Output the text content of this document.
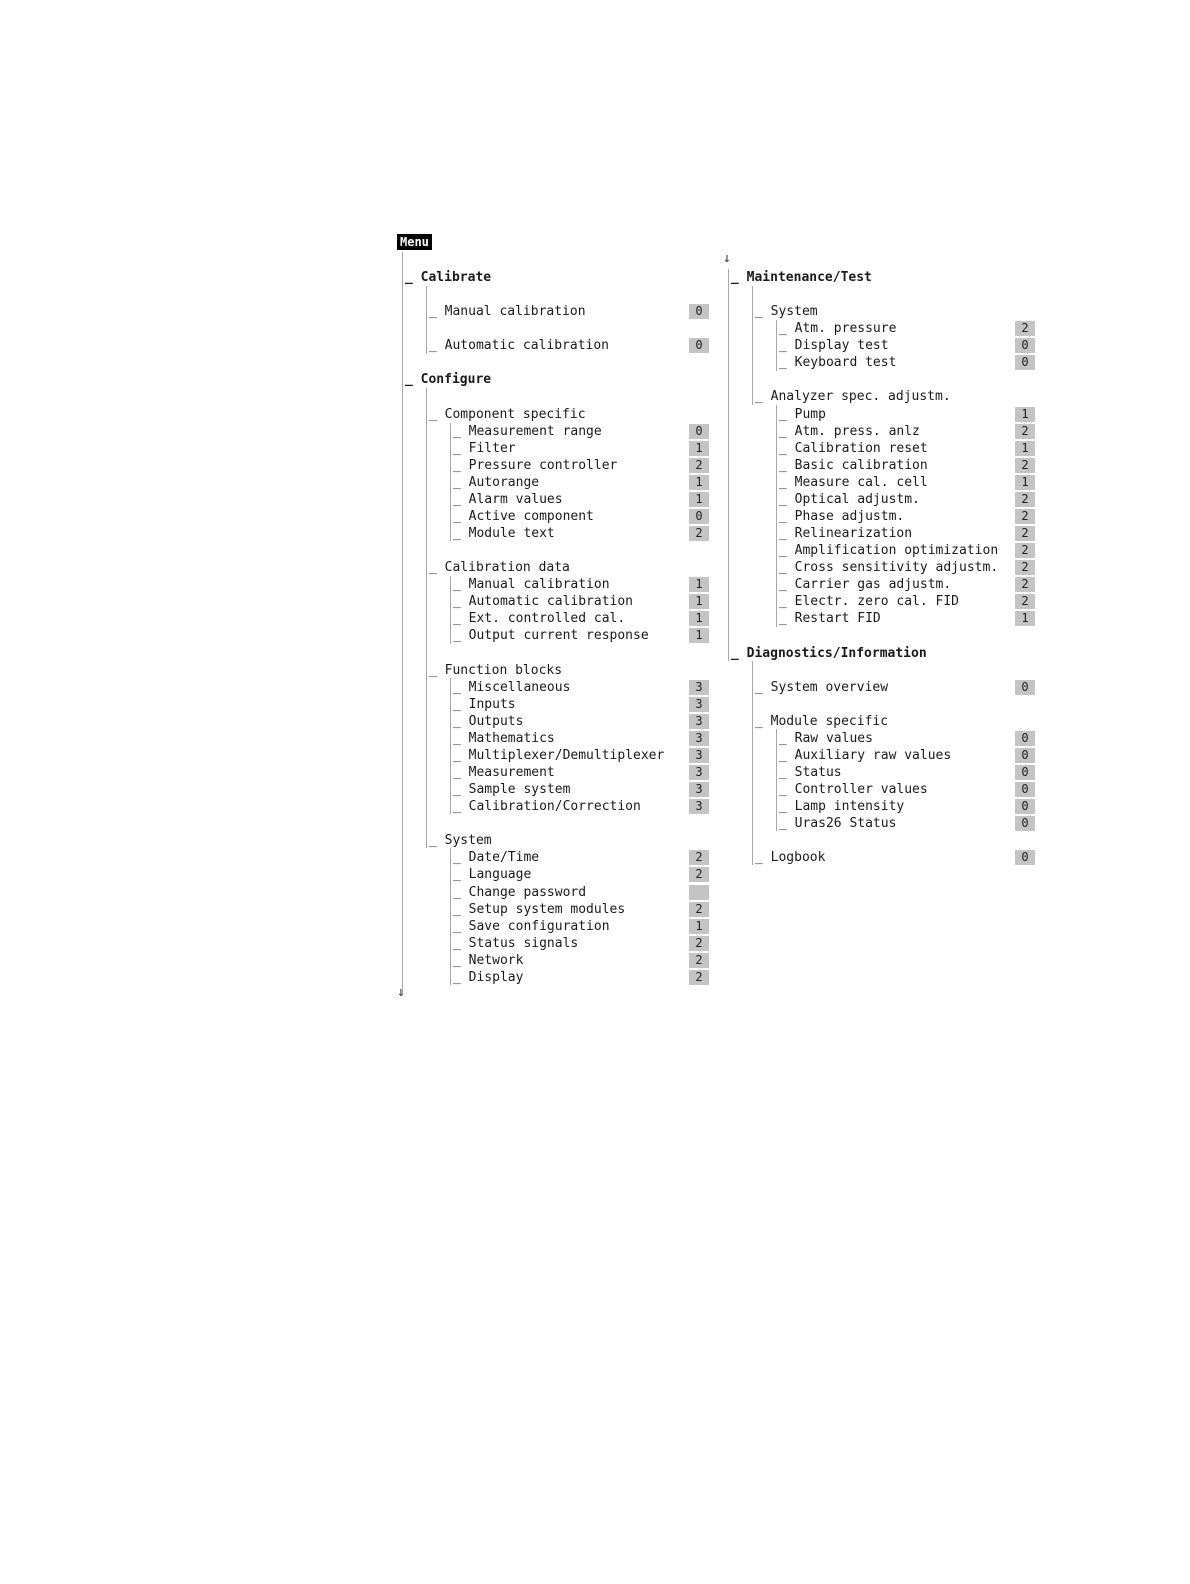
Menu
_ Calibrate
_ Manual calibration	0
_ Automatic calibration	0
_ Configure
_ Component specific
_ Measurement range	0
_ Filter	1
_ Pressure controller	2
_ Autorange	1
_ Alarm values	1
_ Active component	0
_ Module text	2
_ Calibration data
_ Manual calibration	1
_ Automatic calibration	1
_ Ext. controlled cal.	1
_ Output current response	1
_ Function blocks
_ Miscellaneous	3
_ Inputs	3
_ Outputs	3
_ Mathematics	3
_ Multiplexer/Demultiplexer	3
_ Measurement	3
_ Sample system	3
_ Calibration/Correction	3
_ System
_ Date/Time	2
_ Language	2
_ Change password
_ Setup system modules	2
_ Save configuration	1
_ Status signals	2
_ Network	2
_ Display	2
_ Maintenance/Test
_ System
_ Atm. pressure	2
_ Display test	0
_ Keyboard test	0
_ Analyzer spec. adjustm.
_ Pump	1
_ Atm. press. anlz	2
_ Calibration reset	1
_ Basic calibration	2
_ Measure cal. cell	1
_ Optical adjustm.	2
_ Phase adjustm.	2
_ Relinearization	2
_ Amplification optimization	2
_ Cross sensitivity adjustm.	2
_ Carrier gas adjustm.	2
_ Electr. zero cal. FID	2
_ Restart FID	1
_ Diagnostics/Information
_ System overview	0
_ Module specific
_ Raw values	0
_ Auxiliary raw values	0
_ Status	0
_ Controller values	0
_ Lamp intensity	0
_ Uras26 Status	0
_ Logbook	0
↓
↓
